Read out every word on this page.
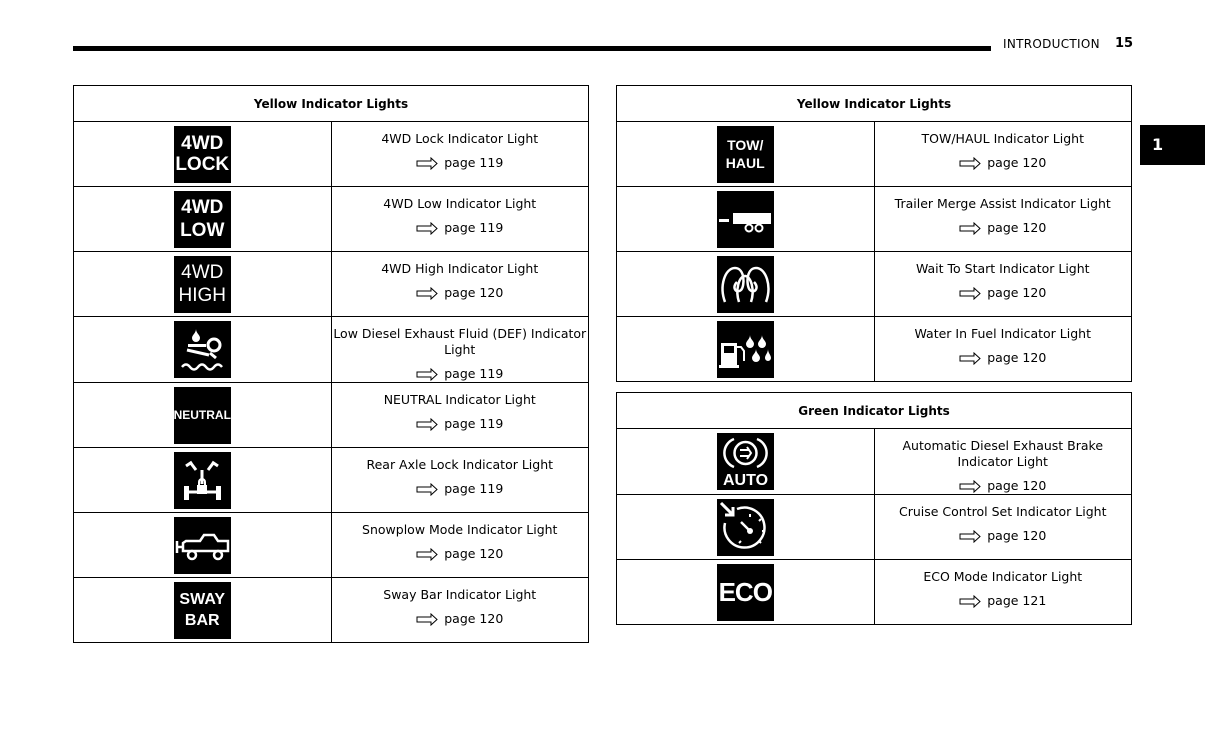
INTRODUCTION 15
1
Yellow Indicator Lights	

4WD
LOCK	4WD Lock Indicator Light
page 119

4WD
LOW	4WD Low Indicator Light
page 119

4WD
HIGH	4WD High Indicator Light
page 120

Low Diesel Exhaust Fluid (DEF) Indicator Light
page 119

NEUTRAL	NEUTRAL Indicator Light
page 119

Rear Axle Lock Indicator Light
page 119

Snowplow Mode Indicator Light
page 120

SWAY
BAR	Sway Bar Indicator Light
page 120
Yellow Indicator Lights	

TOW/
HAUL	TOW/HAUL Indicator Light
page 120

Trailer Merge Assist Indicator Light
page 120

Wait To Start Indicator Light
page 120

Water In Fuel Indicator Light
page 120
Green Indicator Lights	

AUTO	Automatic Diesel Exhaust Brake Indicator Light
page 120

Cruise Control Set Indicator Light
page 120

ECO	ECO Mode Indicator Light
page 121
